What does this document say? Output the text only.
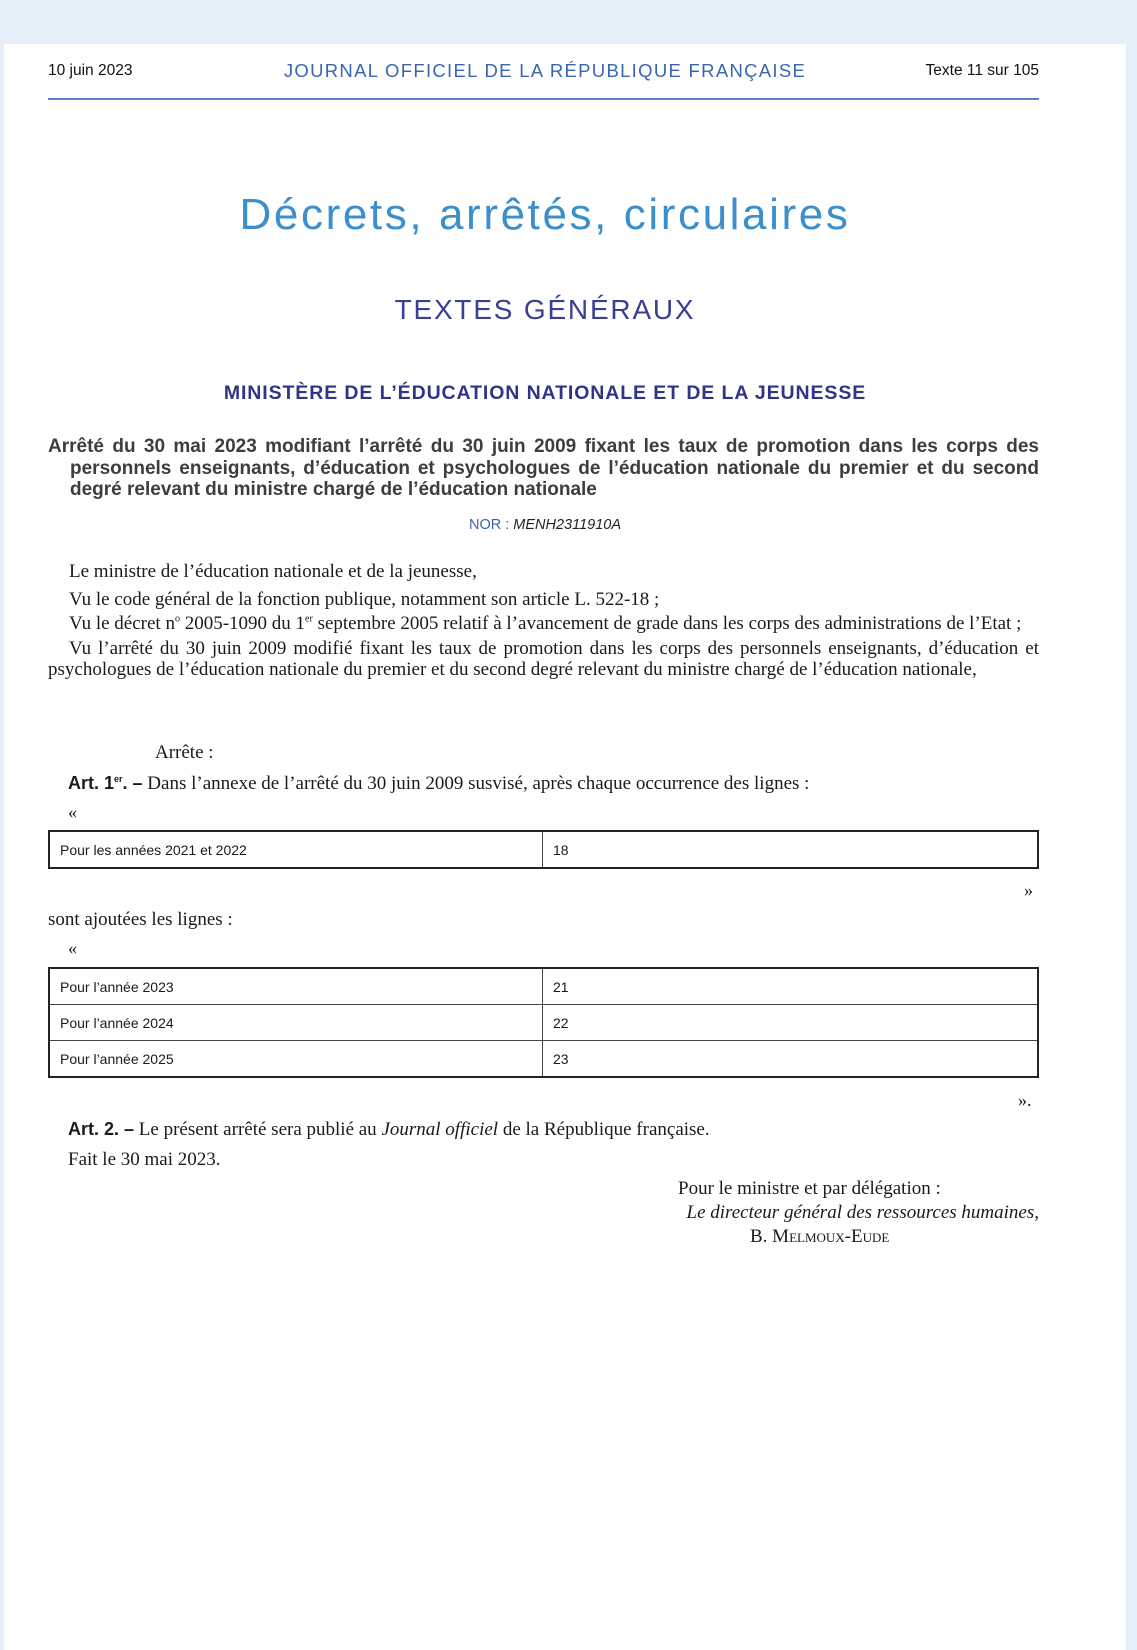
10 juin 2023	JOURNAL OFFICIEL DE LA RÉPUBLIQUE FRANÇAISE	Texte 11 sur 105
Décrets, arrêtés, circulaires
TEXTES GÉNÉRAUX
MINISTÈRE DE L’ÉDUCATION NATIONALE ET DE LA JEUNESSE

Arrêté du 30 mai 2023 modifiant l’arrêté du 30 juin 2009 fixant les taux de promotion dans les corps des personnels enseignants, d’éducation et psychologues de l’éducation nationale du premier et du second degré relevant du ministre chargé de l’éducation nationale

NOR : MENH2311910A

Le ministre de l’éducation nationale et de la jeunesse,

Vu le code général de la fonction publique, notamment son article L. 522-18 ;

Vu le décret $n^o$ 2005-1090 du 1er septembre 2005 relatif à l’avancement de grade dans les corps des administrations de l’Etat ;

Vu l’arrêté du 30 juin 2009 modifié fixant les taux de promotion dans les corps des personnels enseignants, d’éducation et psychologues de l’éducation nationale du premier et du second degré relevant du ministre chargé de l’éducation nationale,

Arrête :
Art. 1er. – Dans l’annexe de l’arrêté du 30 juin 2009 susvisé, après chaque occurrence des lignes :
«
Pour les années 2021 et 2022	18
»
sont ajoutées les lignes :
«
Pour l’année 2023	21
Pour l’année 2024	22
Pour l’année 2025	23
».
Art. 2. – Le présent arrêté sera publié au Journal officiel de la République française.
Fait le 30 mai 2023.
Pour le ministre et par délégation :
Le directeur général des ressources humaines,
B. Melmoux-Eude
